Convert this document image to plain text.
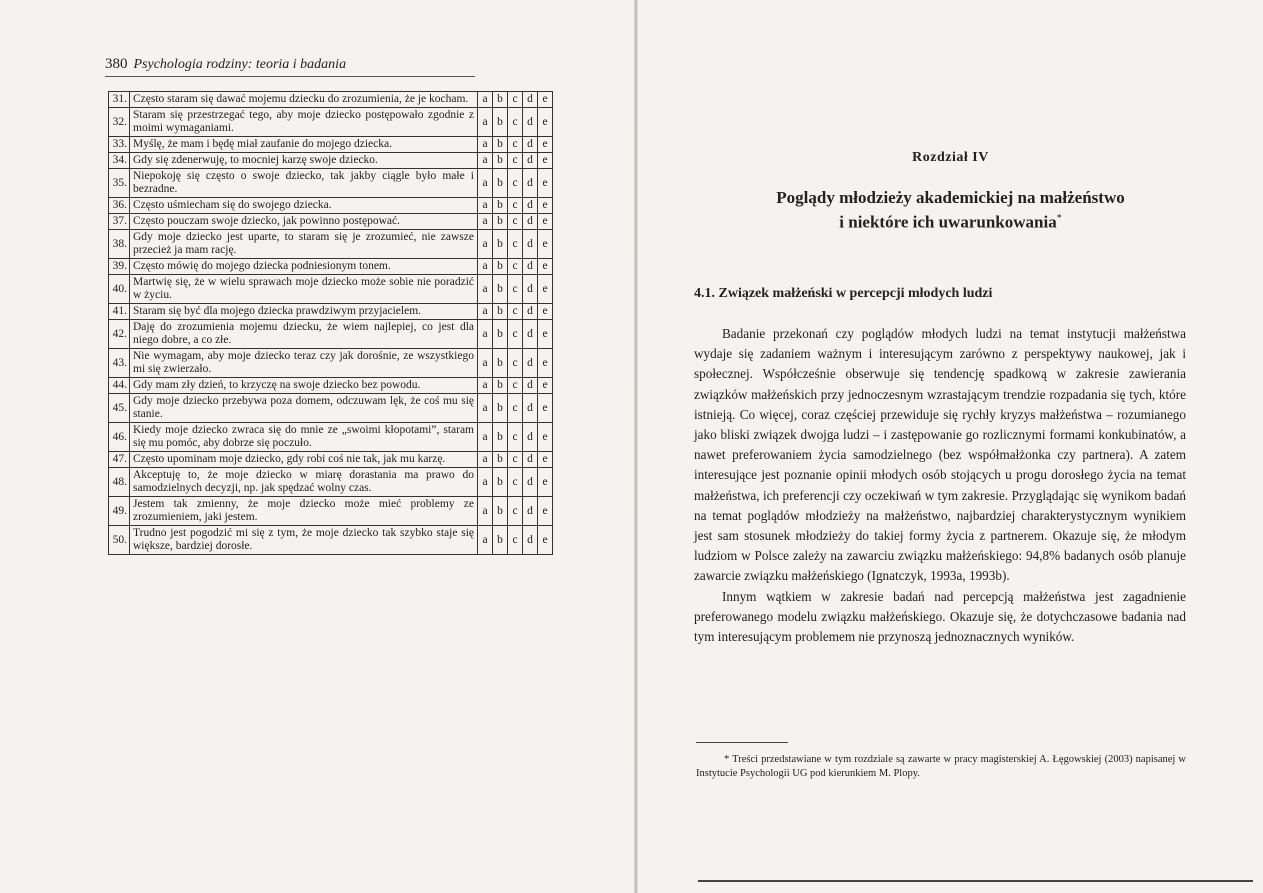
380 Psychologia rodziny: teoria i badania
31.	Często staram się dawać mojemu dziecku do zrozumienia, że je kocham.	a	b	c	d	e
32.	Staram się przestrzegać tego, aby moje dziecko postępowało zgodnie z moimi wymaganiami.	a	b	c	d	e
33.	Myślę, że mam i będę miał zaufanie do mojego dziecka.	a	b	c	d	e
34.	Gdy się zdenerwuję, to mocniej karzę swoje dziecko.	a	b	c	d	e
35.	Niepokoję się często o swoje dziecko, tak jakby ciągle było małe i bezradne.	a	b	c	d	e
36.	Często uśmiecham się do swojego dziecka.	a	b	c	d	e
37.	Często pouczam swoje dziecko, jak powinno postępować.	a	b	c	d	e
38.	Gdy moje dziecko jest uparte, to staram się je zrozumieć, nie zawsze przecież ja mam rację.	a	b	c	d	e
39.	Często mówię do mojego dziecka podniesionym tonem.	a	b	c	d	e
40.	Martwię się, że w wielu sprawach moje dziecko może sobie nie poradzić w życiu.	a	b	c	d	e
41.	Staram się być dla mojego dziecka prawdziwym przyjacielem.	a	b	c	d	e
42.	Daję do zrozumienia mojemu dziecku, że wiem najlepiej, co jest dla niego dobre, a co złe.	a	b	c	d	e
43.	Nie wymagam, aby moje dziecko teraz czy jak dorośnie, ze wszystkiego mi się zwierzało.	a	b	c	d	e
44.	Gdy mam zły dzień, to krzyczę na swoje dziecko bez powodu.	a	b	c	d	e
45.	Gdy moje dziecko przebywa poza domem, odczuwam lęk, że coś mu się stanie.	a	b	c	d	e
46.	Kiedy moje dziecko zwraca się do mnie ze „swoimi kłopotami”, staram się mu pomóc, aby dobrze się poczuło.	a	b	c	d	e
47.	Często upominam moje dziecko, gdy robi coś nie tak, jak mu karzę.	a	b	c	d	e
48.	Akceptuję to, że moje dziecko w miarę dorastania ma prawo do samodzielnych decyzji, np. jak spędzać wolny czas.	a	b	c	d	e
49.	Jestem tak zmienny, że moje dziecko może mieć problemy ze zrozumieniem, jaki jestem.	a	b	c	d	e
50.	Trudno jest pogodzić mi się z tym, że moje dziecko tak szybko staje się większe, bardziej dorosłe.	a	b	c	d	e
Rozdział IV
Poglądy młodzieży akademickiej na małżeństwo
i niektóre ich uwarunkowania*
4.1. Związek małżeński w percepcji młodych ludzi

Badanie przekonań czy poglądów młodych ludzi na temat instytucji małżeństwa wydaje się zadaniem ważnym i interesującym zarówno z perspektywy naukowej, jak i społecznej. Współcześnie obserwuje się tendencję spadkową w zakresie zawierania związków małżeńskich przy jednoczesnym wzrastającym trendzie rozpadania się tych, które istnieją. Co więcej, coraz częściej przewiduje się rychły kryzys małżeństwa – rozumianego jako bliski związek dwojga ludzi – i zastępowanie go rozlicznymi formami konkubinatów, a nawet preferowaniem życia samodzielnego (bez współmałżonka czy partnera). A zatem interesujące jest poznanie opinii młodych osób stojących u progu dorosłego życia na temat małżeństwa, ich preferencji czy oczekiwań w tym zakresie. Przyglądając się wynikom badań na temat poglądów młodzieży na małżeństwo, najbardziej charakterystycznym wynikiem jest sam stosunek młodzieży do takiej formy życia z partnerem. Okazuje się, że młodym ludziom w Polsce zależy na zawarciu związku małżeńskiego: 94,8% badanych osób planuje zawarcie związku małżeńskiego (Ignatczyk, 1993a, 1993b).

Innym wątkiem w zakresie badań nad percepcją małżeństwa jest zagadnienie preferowanego modelu związku małżeńskiego. Okazuje się, że dotychczasowe badania nad tym interesującym problemem nie przynoszą jednoznacznych wyników.

* Treści przedstawiane w tym rozdziale są zawarte w pracy magisterskiej A. Łęgowskiej (2003) napisanej w Instytucie Psychologii UG pod kierunkiem M. Plopy.
